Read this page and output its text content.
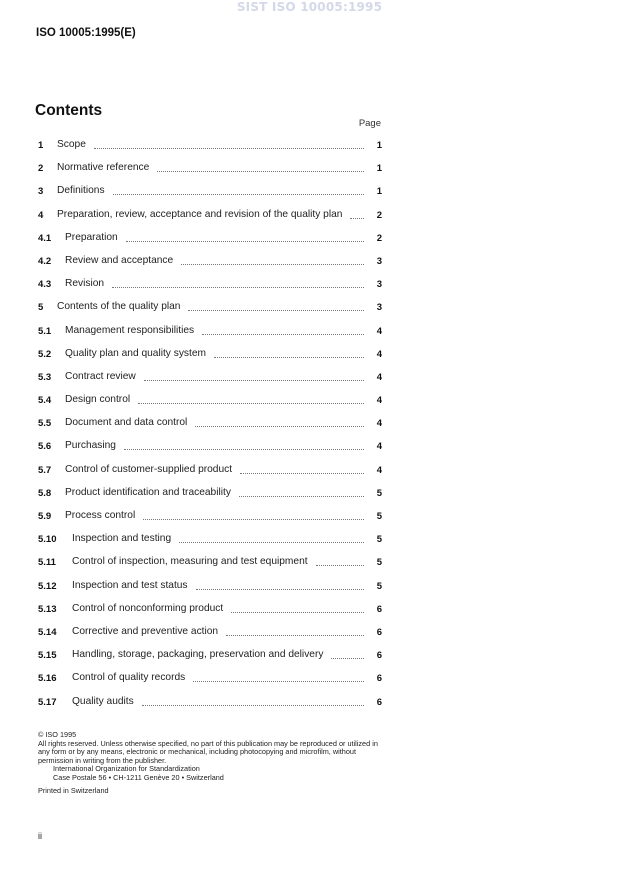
SIST ISO 10005:1995
ISO 10005:1995(E)
Contents
Page
1	Scope	1
2	Normative reference	1
3	Definitions	1
4	Preparation, review, acceptance and revision of the quality plan	2
4.1	Preparation	2
4.2	Review and acceptance	3
4.3	Revision	3
5	Contents of the quality plan	3
5.1	Management responsibilities	4
5.2	Quality plan and quality system	4
5.3	Contract review	4
5.4	Design control	4
5.5	Document and data control	4
5.6	Purchasing	4
5.7	Control of customer-supplied product	4
5.8	Product identification and traceability	5
5.9	Process control	5
5.10	Inspection and testing	5
5.11	Control of inspection, measuring and test equipment	5
5.12	Inspection and test status	5
5.13	Control of nonconforming product	6
5.14	Corrective and preventive action	6
5.15	Handling, storage, packaging, preservation and delivery	6
5.16	Control of quality records	6
5.17	Quality audits	6
© ISO 1995
All rights reserved. Unless otherwise specified, no part of this publication may be reproduced or utilized in any form or by any means, electronic or mechanical, including photocopying and microfilm, without permission in writing from the publisher.
International Organization for Standardization
Case Postale 56 • CH-1211 Genève 20 • Switzerland
Printed in Switzerland
ii
